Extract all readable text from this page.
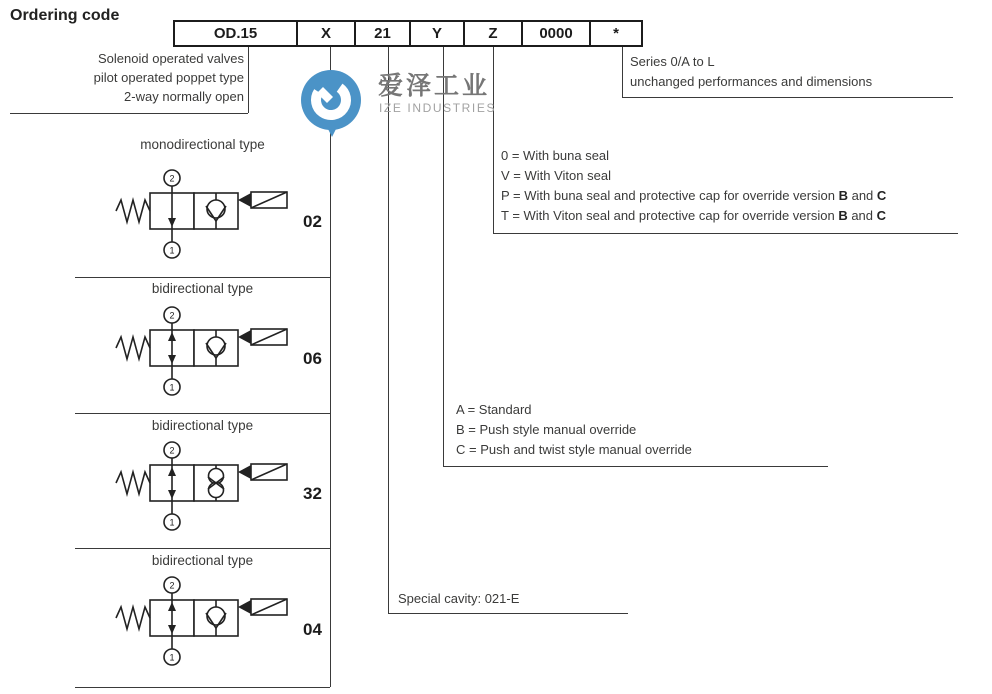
Ordering code
OD.15	X	21	Y	Z	0000	*
Solenoid operated valves
pilot operated poppet type
2-way normally open	爱泽工业
IZE INDUSTRIES
Series 0/A to L
unchanged performances and dimensions
0 = With buna seal
V = With Viton seal
P = With buna seal and protective cap for override version B and C
T = With Viton seal and protective cap for override version B and C
A = Standard
B = Push style manual override
C = Push and twist style manual override
Special cavity: 021-E
monodirectional type
2
1
02
bidirectional type
2
1
06
bidirectional type
2
1
32
bidirectional type
2
1
04
